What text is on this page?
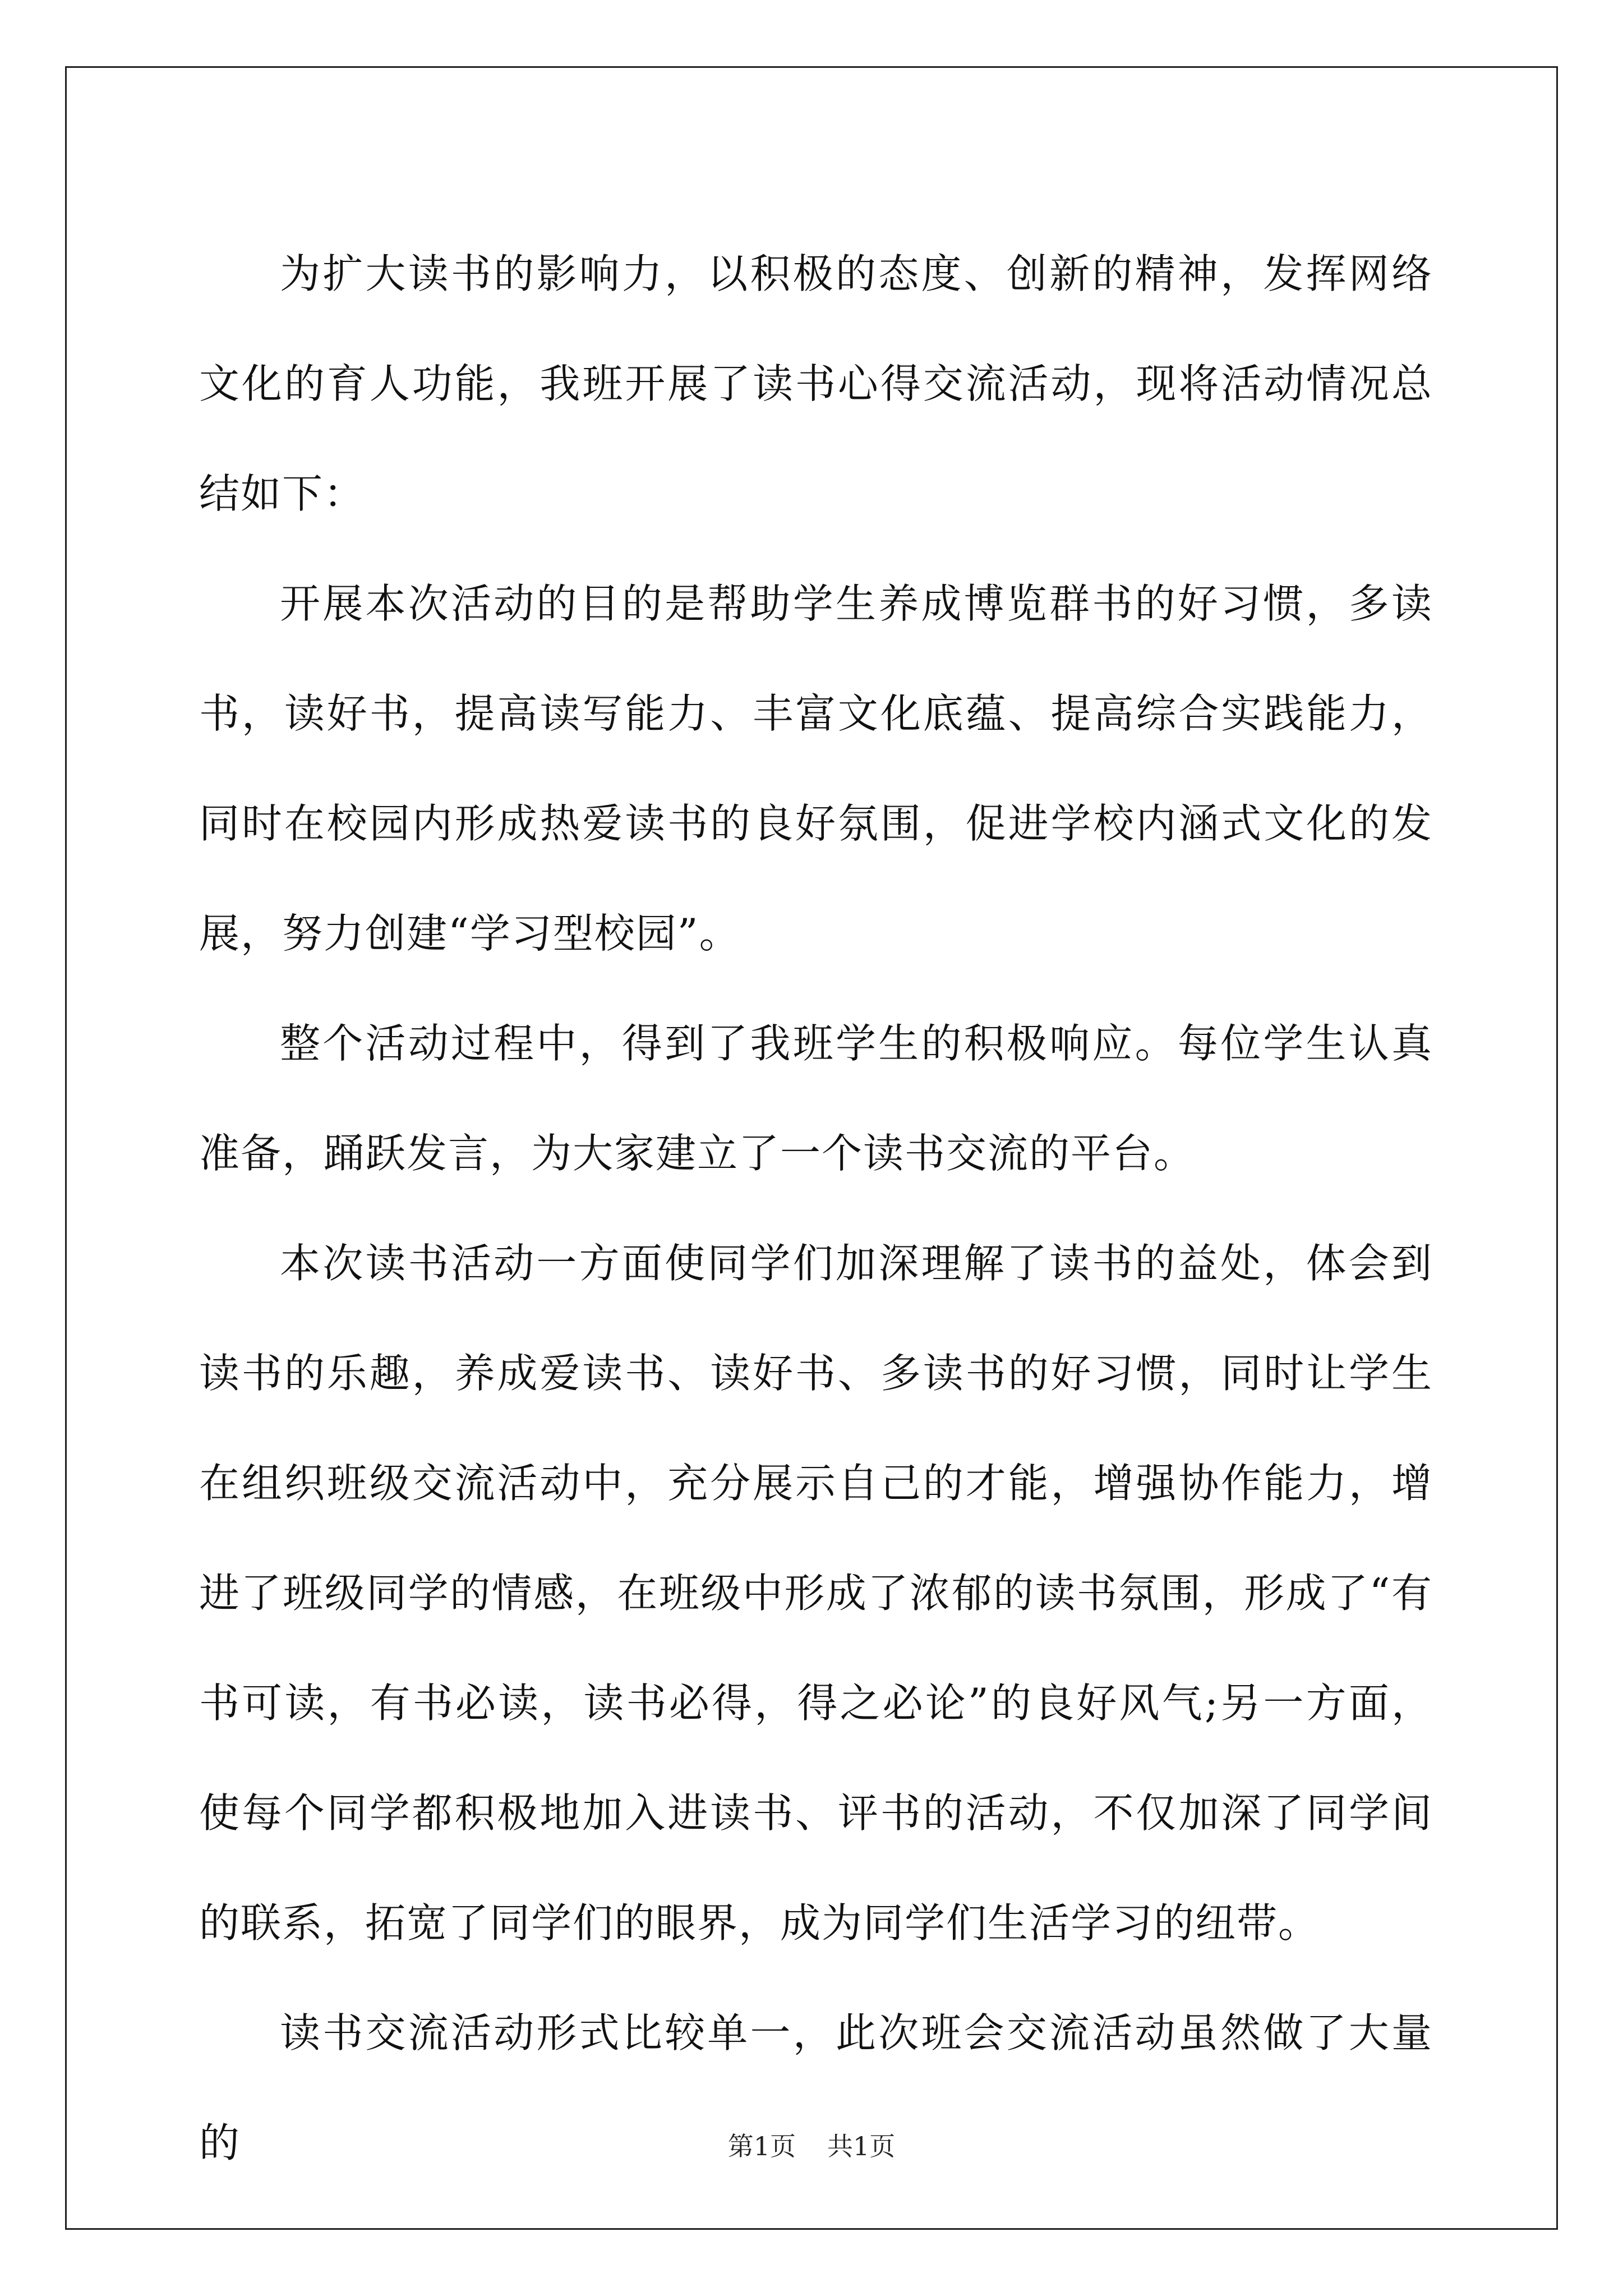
为扩大读书的影响力，以积极的态度、创新的精神，发挥网络文化的育人功能，我班开展了读书心得交流活动，现将活动情况总结如下：

开展本次活动的目的是帮助学生养成博览群书的好习惯，多读书，读好书，提高读写能力、丰富文化底蕴、提高综合实践能力，同时在校园内形成热爱读书的良好氛围，促进学校内涵式文化的发展，努力创建“学习型校园”。

整个活动过程中，得到了我班学生的积极响应。每位学生认真准备，踊跃发言，为大家建立了一个读书交流的平台。

本次读书活动一方面使同学们加深理解了读书的益处，体会到读书的乐趣，养成爱读书、读好书、多读书的好习惯，同时让学生在组织班级交流活动中，充分展示自己的才能，增强协作能力，增进了班级同学的情感，在班级中形成了浓郁的读书氛围，形成了“有书可读，有书必读，读书必得，得之必论”的良好风气;另一方面，使每个同学都积极地加入进读书、评书的活动，不仅加深了同学间的联系，拓宽了同学们的眼界，成为同学们生活学习的纽带。

读书交流活动形式比较单一，此次班会交流活动虽然做了大量的	第1页 共1页
